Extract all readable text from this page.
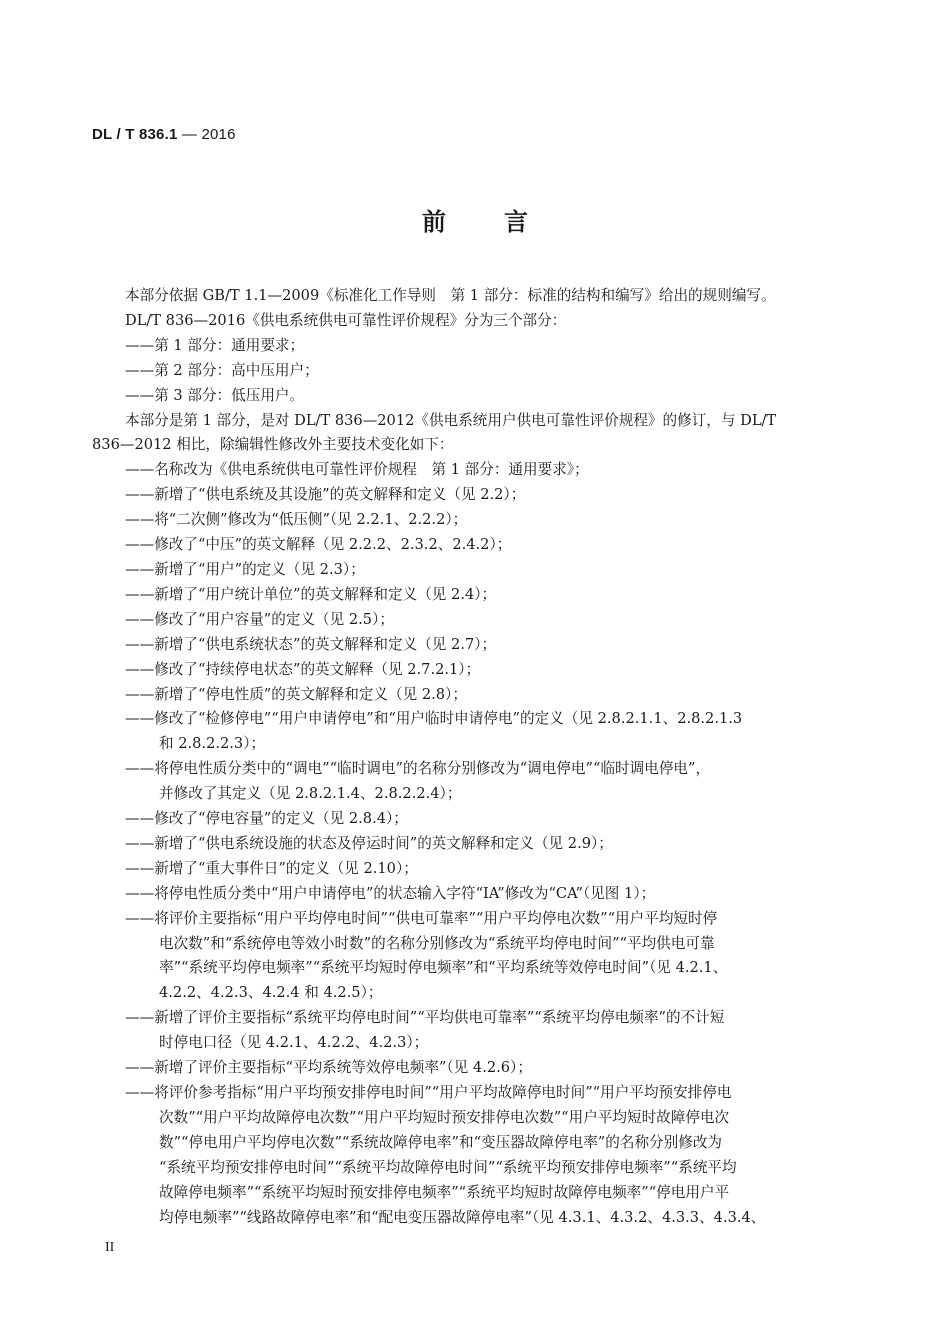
DL / T 836.1 — 2016
前言
本部分依据 GB/T 1.1—2009《标准化工作导则　第 1 部分：标准的结构和编写》给出的规则编写。
DL/T 836—2016《供电系统供电可靠性评价规程》分为三个部分：
——第 1 部分：通用要求；
——第 2 部分：高中压用户；
——第 3 部分：低压用户。
本部分是第 1 部分，是对 DL/T 836—2012《供电系统用户供电可靠性评价规程》的修订，与 DL/T
836—2012 相比，除编辑性修改外主要技术变化如下：
——名称改为《供电系统供电可靠性评价规程　第 1 部分：通用要求》；
——新增了“供电系统及其设施”的英文解释和定义（见 2.2）；
——将“二次侧”修改为“低压侧”（见 2.2.1、2.2.2）；
——修改了“中压”的英文解释（见 2.2.2、2.3.2、2.4.2）；
——新增了“用户”的定义（见 2.3）；
——新增了“用户统计单位”的英文解释和定义（见 2.4）；
——修改了“用户容量”的定义（见 2.5）；
——新增了“供电系统状态”的英文解释和定义（见 2.7）；
——修改了“持续停电状态”的英文解释（见 2.7.2.1）；
——新增了“停电性质”的英文解释和定义（见 2.8）；
——修改了“检修停电”“用户申请停电”和“用户临时申请停电”的定义（见 2.8.2.1.1、2.8.2.1.3
和 2.8.2.2.3）；
——将停电性质分类中的“调电”“临时调电”的名称分别修改为“调电停电”“临时调电停电”，
并修改了其定义（见 2.8.2.1.4、2.8.2.2.4）；
——修改了“停电容量”的定义（见 2.8.4）；
——新增了“供电系统设施的状态及停运时间”的英文解释和定义（见 2.9）；
——新增了“重大事件日”的定义（见 2.10）；
——将停电性质分类中“用户申请停电”的状态输入字符“IA”修改为“CA”（见图 1）；
——将评价主要指标“用户平均停电时间”“供电可靠率”“用户平均停电次数”“用户平均短时停
电次数”和“系统停电等效小时数”的名称分别修改为“系统平均停电时间”“平均供电可靠
率”“系统平均停电频率”“系统平均短时停电频率”和“平均系统等效停电时间”（见 4.2.1、
4.2.2、4.2.3、4.2.4 和 4.2.5）；
——新增了评价主要指标“系统平均停电时间”“平均供电可靠率”“系统平均停电频率”的不计短
时停电口径（见 4.2.1、4.2.2、4.2.3）；
——新增了评价主要指标“平均系统等效停电频率”（见 4.2.6）；
——将评价参考指标“用户平均预安排停电时间”“用户平均故障停电时间”“用户平均预安排停电
次数”“用户平均故障停电次数”“用户平均短时预安排停电次数”“用户平均短时故障停电次
数”“停电用户平均停电次数”“系统故障停电率”和“变压器故障停电率”的名称分别修改为
“系统平均预安排停电时间”“系统平均故障停电时间”“系统平均预安排停电频率”“系统平均
故障停电频率”“系统平均短时预安排停电频率”“系统平均短时故障停电频率”“停电用户平
均停电频率”“线路故障停电率”和“配电变压器故障停电率”（见 4.3.1、4.3.2、4.3.3、4.3.4、
II
